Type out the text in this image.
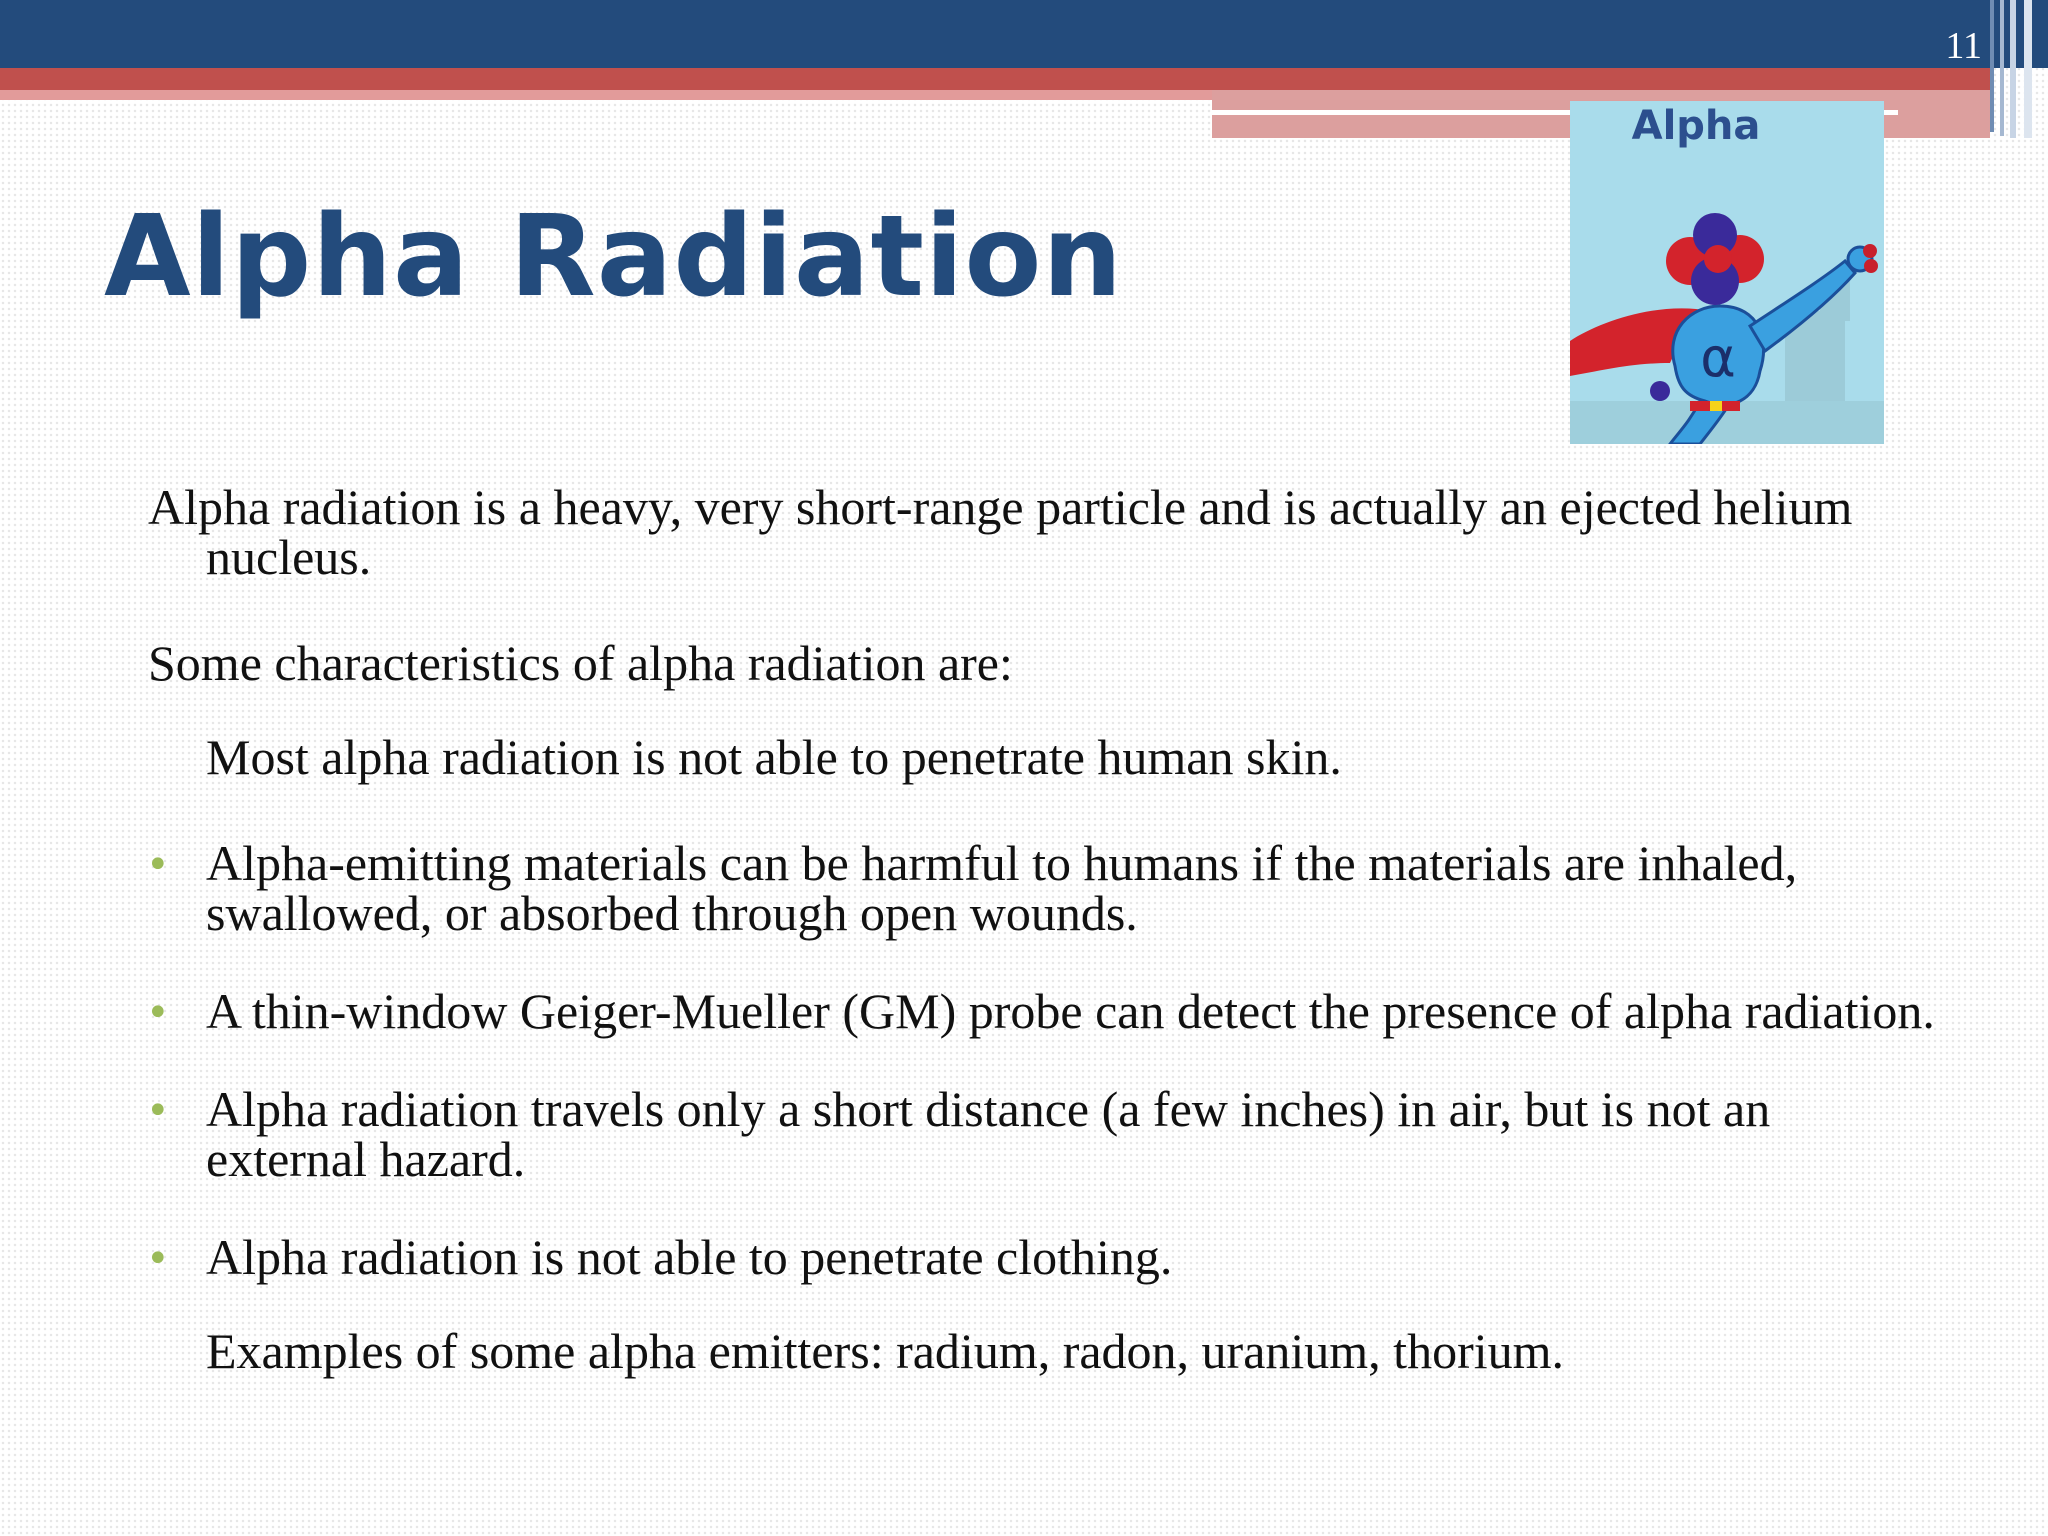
11
Alpha Radiation
Alpha
α

Alpha radiation is a heavy, very short-range particle and is actually an ejected helium nucleus.

Some characteristics of alpha radiation are:

Most alpha radiation is not able to penetrate human skin.

• Alpha-emitting materials can be harmful to humans if the materials are inhaled, swallowed, or absorbed through open wounds.
• A thin-window Geiger-Mueller (GM) probe can detect the presence of alpha radiation.
• Alpha radiation travels only a short distance (a few inches) in air, but is not an external hazard.
• Alpha radiation is not able to penetrate clothing.

Examples of some alpha emitters: radium, radon, uranium, thorium.
